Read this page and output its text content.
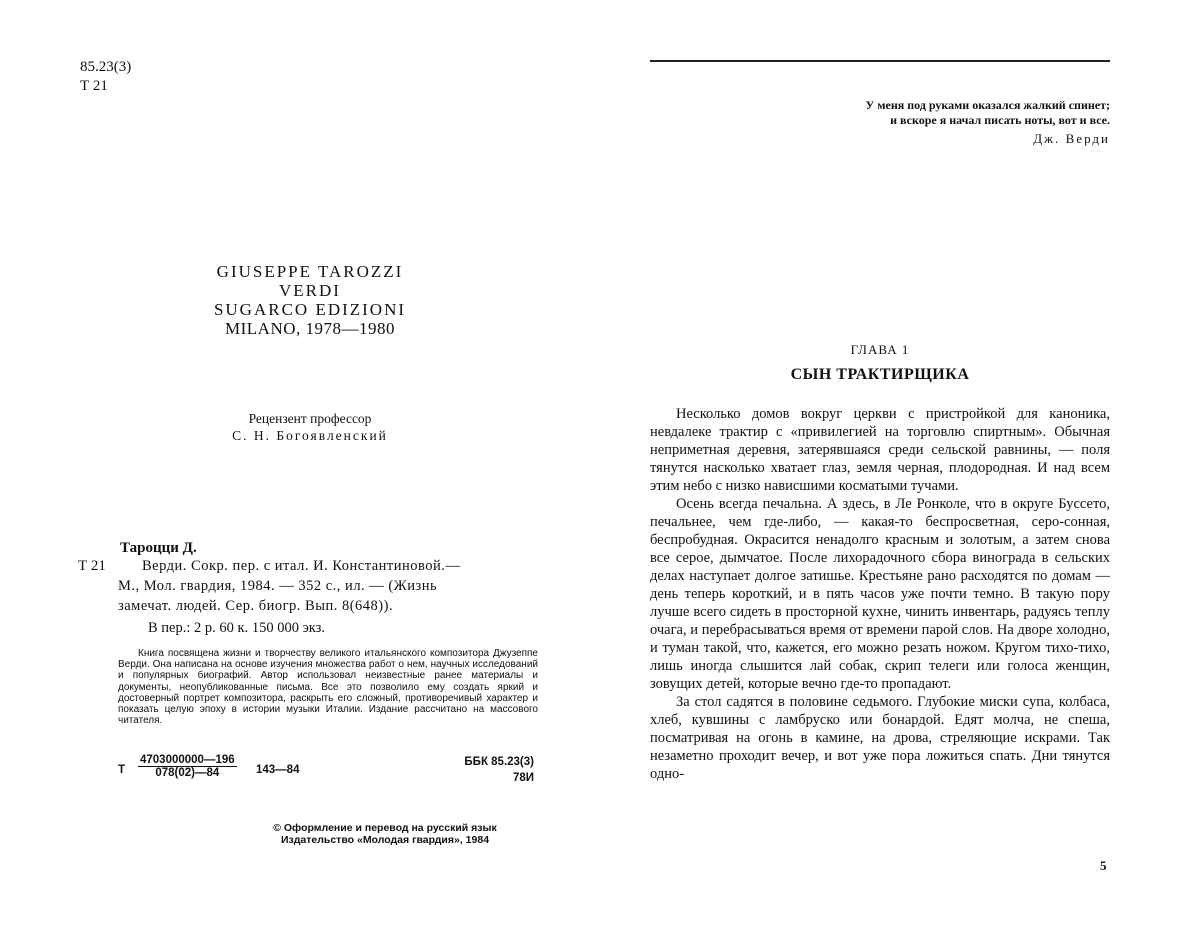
85.23(3)
Т 21
GIUSEPPE TAROZZI
VERDI
SUGARCO EDIZIONI
MILANO, 1978—1980
Рецензент профессор
С. Н. Богоявленский
Тароцци Д.
Т 21	Верди. Сокр. пер. с итал. И. Константиновой.—
М., Мол. гвардия, 1984. — 352 с., ил. — (Жизнь
замечат. людей. Сер. биогр. Вып. 8(648)).
В пер.: 2 р. 60 к. 150 000 экз.

Книга посвящена жизни и творчеству великого итальянского композитора Джузеппе Верди. Она написана на основе изучения множества работ о нем, научных исследований и популярных биографий. Автор использовал неизвестные ранее материалы и документы, неопубликованные письма. Все это позволило ему создать яркий и достоверный портрет композитора, раскрыть его сложный, противоречивый характер и показать целую эпоху в истории музыки Италии. Издание рассчитано на массового читателя.

Т $\frac{4703000000—196}{078(02)—84}$ 143—84
ББК 85.23(3)
78И
© Оформление и перевод на русский язык
Издательство «Молодая гвардия», 1984
У меня под руками оказался жалкий спинет;
и вскоре я начал писать ноты, вот и все.
Дж. Верди
ГЛАВА 1
СЫН ТРАКТИРЩИКА

Несколько домов вокруг церкви с пристройкой для каноника, невдалеке трактир с «привилегией на торговлю спиртным». Обычная неприметная деревня, затерявшаяся среди сельской равнины, — поля тянутся насколько хватает глаз, земля черная, плодородная. И над всем этим небо с низко нависшими косматыми тучами.

Осень всегда печальна. А здесь, в Ле Ронколе, что в округе Буссето, печальнее, чем где-либо, — какая-то беспросветная, серо-сонная, беспробудная. Окрасится ненадолго красным и золотым, а затем снова все серое, дымчатое. После лихорадочного сбора винограда в сельских делах наступает долгое затишье. Крестьяне рано расходятся по домам — день теперь короткий, и в пять часов уже почти темно. В такую пору лучше всего сидеть в просторной кухне, чинить инвентарь, радуясь теплу очага, и перебрасываться время от времени парой слов. На дворе холодно, и туман такой, что, кажется, его можно резать ножом. Кругом тихо-тихо, лишь иногда слышится лай собак, скрип телеги или голоса женщин, зовущих детей, которые вечно где-то пропадают.

За стол садятся в половине седьмого. Глубокие миски супа, колбаса, хлеб, кувшины с ламбруско или бонардой. Едят молча, не спеша, посматривая на огонь в камине, на дрова, стреляющие искрами. Так незаметно проходит вечер, и вот уже пора ложиться спать. Дни тянутся одно-

5
